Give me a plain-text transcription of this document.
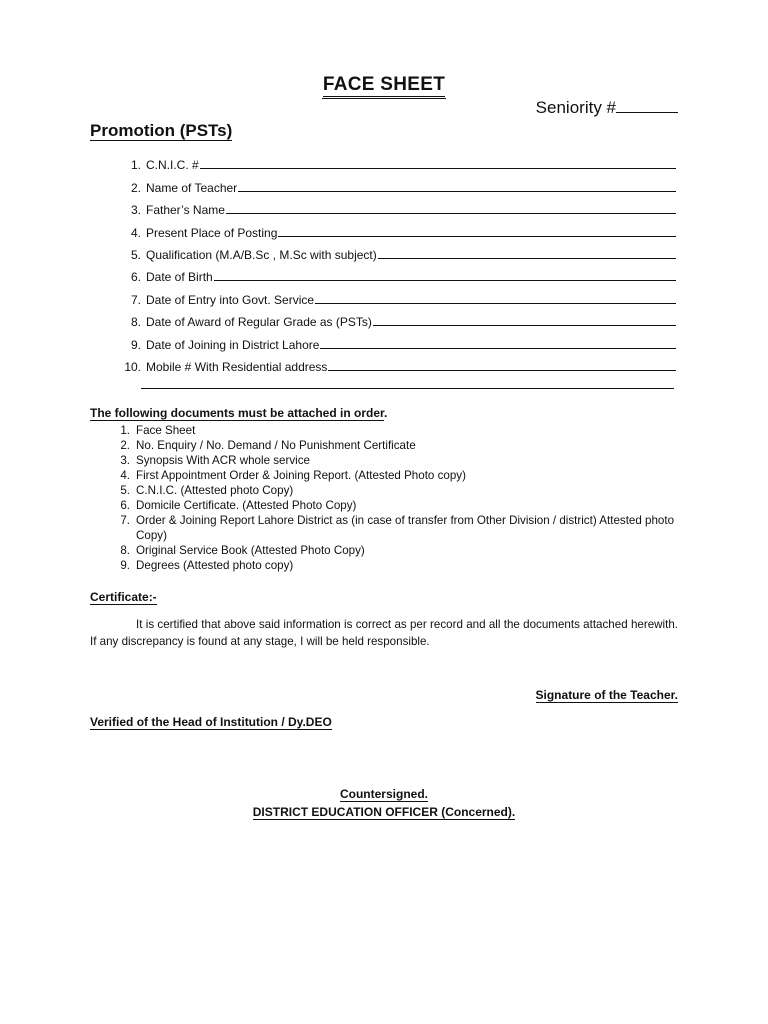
FACE SHEET
Seniority #
Promotion (PSTs)
1. C.N.I.C. #
2. Name of Teacher
3. Father’s Name
4. Present Place of Posting
5. Qualification (M.A/B.Sc , M.Sc with subject)
6. Date of Birth
7. Date of Entry into Govt. Service
8. Date of Award of Regular Grade as (PSTs)
9. Date of Joining in District Lahore
10. Mobile # With Residential address
The following documents must be attached in order.
1. Face Sheet
2. No. Enquiry / No. Demand / No Punishment Certificate
3. Synopsis With ACR whole service
4. First Appointment Order & Joining Report. (Attested Photo copy)
5. C.N.I.C. (Attested photo Copy)
6. Domicile Certificate. (Attested Photo Copy)
7. Order & Joining Report Lahore District as (in case of transfer from Other Division / district) Attested photo Copy)
8. Original Service Book (Attested Photo Copy)
9. Degrees (Attested photo copy)
Certificate:-
It is certified that above said information is correct as per record and all the documents attached herewith. If any discrepancy is found at any stage, I will be held responsible.
Signature of the Teacher.
Verified of the Head of Institution / Dy.DEO
Countersigned.
DISTRICT EDUCATION OFFICER (Concerned).
